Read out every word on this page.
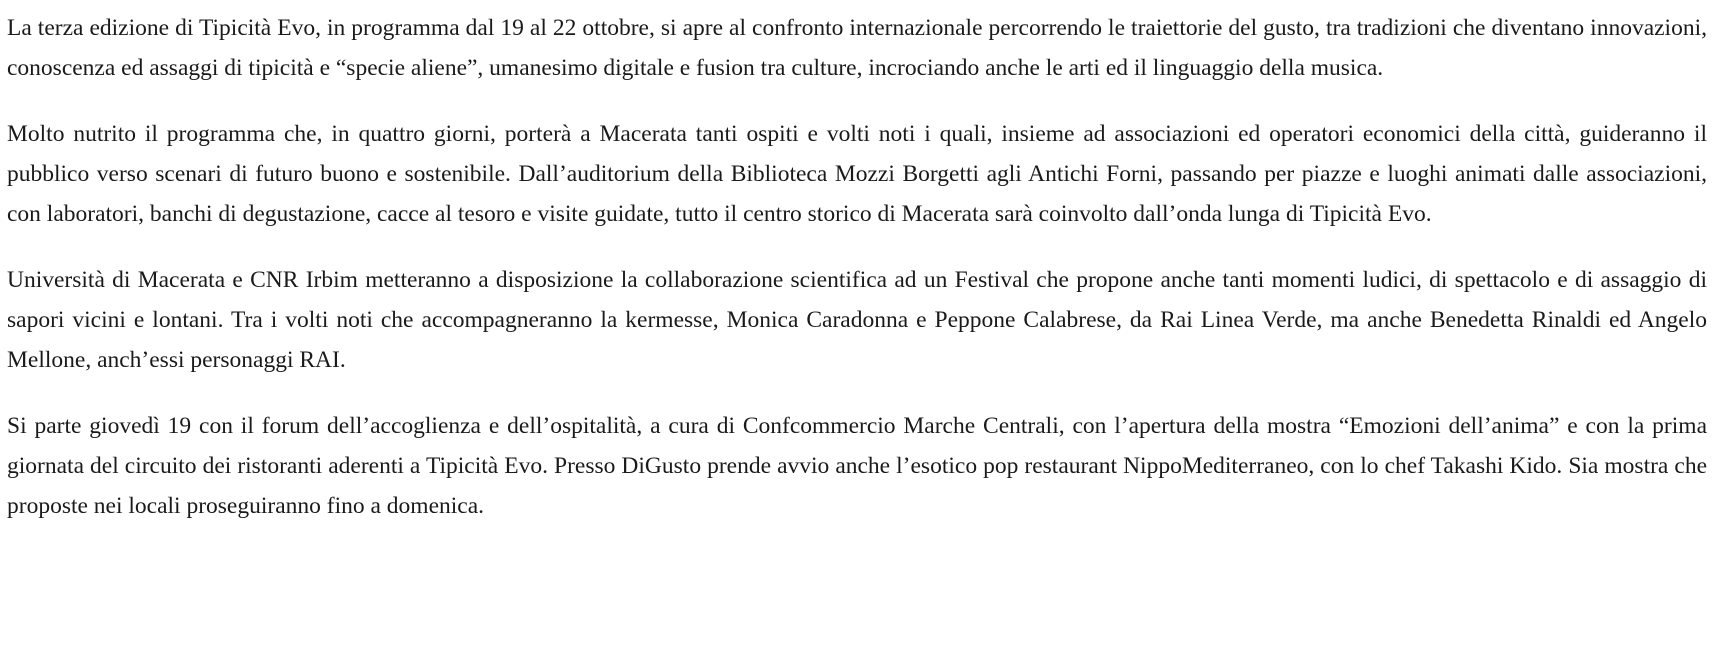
La terza edizione di Tipicità Evo, in programma dal 19 al 22 ottobre, si apre al confronto internazionale percorrendo le traiettorie del gusto, tra tradizioni che diventano innovazioni, conoscenza ed assaggi di tipicità e “specie aliene”, umanesimo digitale e fusion tra culture, incrociando anche le arti ed il linguaggio della musica.

Molto nutrito il programma che, in quattro giorni, porterà a Macerata tanti ospiti e volti noti i quali, insieme ad associazioni ed operatori economici della città, guideranno il pubblico verso scenari di futuro buono e sostenibile. Dall’auditorium della Biblioteca Mozzi Borgetti agli Antichi Forni, passando per piazze e luoghi animati dalle associazioni, con laboratori, banchi di degustazione, cacce al tesoro e visite guidate, tutto il centro storico di Macerata sarà coinvolto dall’onda lunga di Tipicità Evo.

Università di Macerata e CNR Irbim metteranno a disposizione la collaborazione scientifica ad un Festival che propone anche tanti momenti ludici, di spettacolo e di assaggio di sapori vicini e lontani. Tra i volti noti che accompagneranno la kermesse, Monica Caradonna e Peppone Calabrese, da Rai Linea Verde, ma anche Benedetta Rinaldi ed Angelo Mellone, anch’essi personaggi RAI.

Si parte giovedì 19 con il forum dell’accoglienza e dell’ospitalità, a cura di Confcommercio Marche Centrali, con l’apertura della mostra “Emozioni dell’anima” e con la prima giornata del circuito dei ristoranti aderenti a Tipicità Evo. Presso DiGusto prende avvio anche l’esotico pop restaurant NippoMediterraneo, con lo chef Takashi Kido. Sia mostra che proposte nei locali proseguiranno fino a domenica.
